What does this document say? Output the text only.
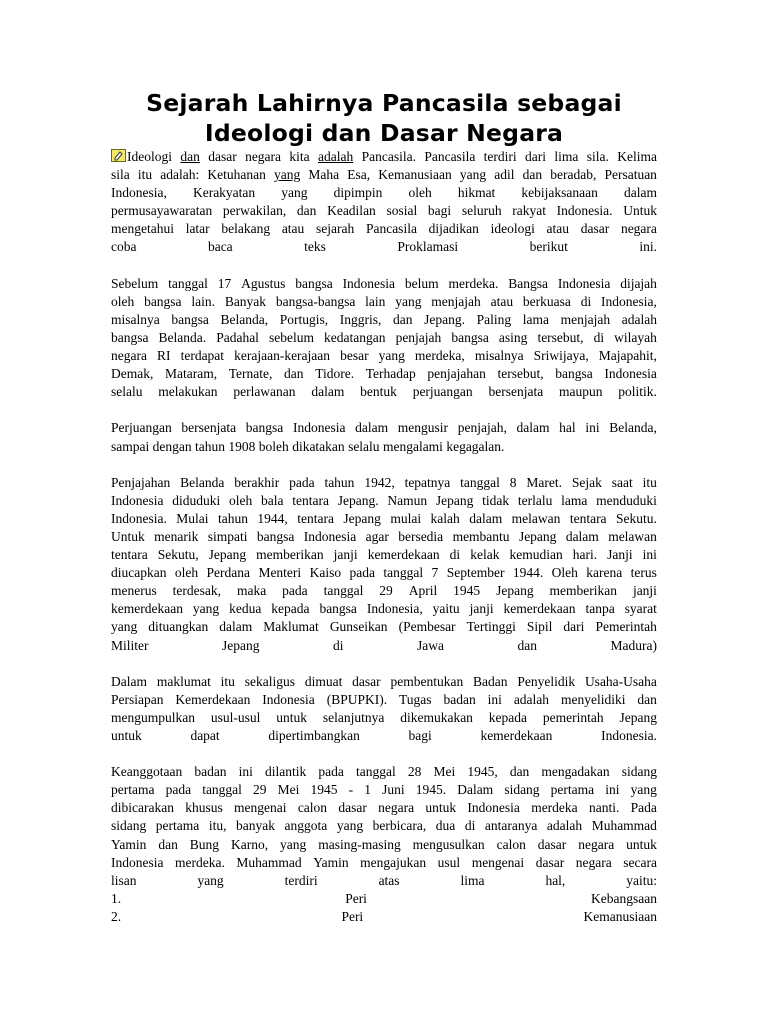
Sejarah Lahirnya Pancasila sebagai
Ideologi dan Dasar Negara
Ideologi dan dasar negara kita adalah Pancasila. Pancasila terdiri dari lima sila. Kelima
sila itu adalah: Ketuhanan yang Maha Esa, Kemanusiaan yang adil dan beradab, Persatuan
Indonesia, Kerakyatan yang dipimpin oleh hikmat kebijaksanaan dalam
permusayawaratan perwakilan, dan Keadilan sosial bagi seluruh rakyat Indonesia. Untuk
mengetahui latar belakang atau sejarah Pancasila dijadikan ideologi atau dasar negara
coba	baca	teks	Proklamasi	berikut	ini.
Sebelum tanggal 17 Agustus bangsa Indonesia belum merdeka. Bangsa Indonesia dijajah
oleh bangsa lain. Banyak bangsa-bangsa lain yang menjajah atau berkuasa di Indonesia,
misalnya bangsa Belanda, Portugis, Inggris, dan Jepang. Paling lama menjajah adalah
bangsa Belanda. Padahal sebelum kedatangan penjajah bangsa asing tersebut, di wilayah
negara RI terdapat kerajaan-kerajaan besar yang merdeka, misalnya Sriwijaya, Majapahit,
Demak, Mataram, Ternate, dan Tidore. Terhadap penjajahan tersebut, bangsa Indonesia
selalu melakukan perlawanan dalam bentuk perjuangan bersenjata maupun politik.
Perjuangan bersenjata bangsa Indonesia dalam mengusir penjajah, dalam hal ini Belanda,
sampai dengan tahun 1908 boleh dikatakan selalu mengalami kegagalan.
Penjajahan Belanda berakhir pada tahun 1942, tepatnya tanggal 8 Maret. Sejak saat itu
Indonesia diduduki oleh bala tentara Jepang. Namun Jepang tidak terlalu lama menduduki
Indonesia. Mulai tahun 1944, tentara Jepang mulai kalah dalam melawan tentara Sekutu.
Untuk menarik simpati bangsa Indonesia agar bersedia membantu Jepang dalam melawan
tentara Sekutu, Jepang memberikan janji kemerdekaan di kelak kemudian hari. Janji ini
diucapkan oleh Perdana Menteri Kaiso pada tanggal 7 September 1944. Oleh karena terus
menerus terdesak, maka pada tanggal 29 April 1945 Jepang memberikan janji
kemerdekaan yang kedua kepada bangsa Indonesia, yaitu janji kemerdekaan tanpa syarat
yang dituangkan dalam Maklumat Gunseikan (Pembesar Tertinggi Sipil dari Pemerintah
Militer	Jepang	di	Jawa	dan	Madura)
Dalam maklumat itu sekaligus dimuat dasar pembentukan Badan Penyelidik Usaha-Usaha
Persiapan Kemerdekaan Indonesia (BPUPKI). Tugas badan ini adalah menyelidiki dan
mengumpulkan usul-usul untuk selanjutnya dikemukakan kepada pemerintah Jepang
untuk	dapat	dipertimbangkan	bagi	kemerdekaan	Indonesia.
Keanggotaan badan ini dilantik pada tanggal 28 Mei 1945, dan mengadakan sidang
pertama pada tanggal 29 Mei 1945 - 1 Juni 1945. Dalam sidang pertama ini yang
dibicarakan khusus mengenai calon dasar negara untuk Indonesia merdeka nanti. Pada
sidang pertama itu, banyak anggota yang berbicara, dua di antaranya adalah Muhammad
Yamin dan Bung Karno, yang masing-masing mengusulkan calon dasar negara untuk
Indonesia merdeka. Muhammad Yamin mengajukan usul mengenai dasar negara secara
lisan	yang	terdiri	atas	lima	hal,	yaitu:
1.	Peri	Kebangsaan
2.	Peri	Kemanusiaan
